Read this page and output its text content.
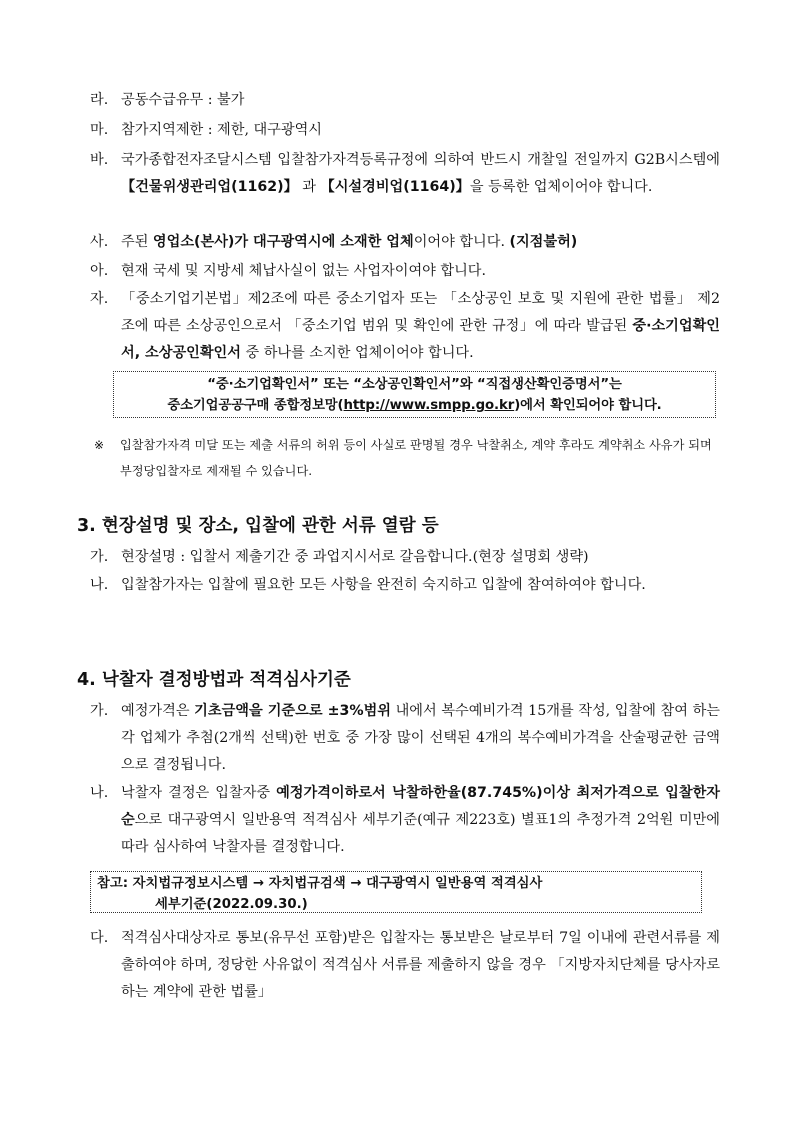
라. 공동수급유무 : 불가
마. 참가지역제한 : 제한, 대구광역시
바. 국가종합전자조달시스템 입찰참가자격등록규정에 의하여 반드시 개찰일 전일까지 G2B시스템에 【건물위생관리업(1162)】 과 【시설경비업(1164)】을 등록한 업체이어야 합니다.
사. 주된 영업소(본사)가 대구광역시에 소재한 업체이어야 합니다. (지점불허)
아. 현재 국세 및 지방세 체납사실이 없는 사업자이여야 합니다.
자. 「중소기업기본법」제2조에 따른 중소기업자 또는 「소상공인 보호 및 지원에 관한 법률」 제2조에 따른 소상공인으로서 「중소기업 범위 및 확인에 관한 규정」에 따라 발급된 중·소기업확인서, 소상공인확인서 중 하나를 소지한 업체이어야 합니다.
“중·소기업확인서” 또는 “소상공인확인서”와 “직접생산확인증명서”는
중소기업공공구매 종합정보망(http://www.smpp.go.kr)에서 확인되어야 합니다.
※ 입찰참가자격 미달 또는 제출 서류의 허위 등이 사실로 판명될 경우 낙찰취소, 계약 후라도 계약취소 사유가 되며 부정당입찰자로 제재될 수 있습니다.
3. 현장설명 및 장소, 입찰에 관한 서류 열람 등
가. 현장설명 : 입찰서 제출기간 중 과업지시서로 갈음합니다.(현장 설명회 생략)
나. 입찰참가자는 입찰에 필요한 모든 사항을 완전히 숙지하고 입찰에 참여하여야 합니다.
4. 낙찰자 결정방법과 적격심사기준
가. 예정가격은 기초금액을 기준으로 ±3%범위 내에서 복수예비가격 15개를 작성, 입찰에 참여 하는 각 업체가 추첨(2개씩 선택)한 번호 중 가장 많이 선택된 4개의 복수예비가격을 산술평균한 금액으로 결정됩니다.
나. 낙찰자 결정은 입찰자중 예정가격이하로서 낙찰하한율(87.745%)이상 최저가격으로 입찰한자 순으로 대구광역시 일반용역 적격심사 세부기준(예규 제223호) 별표1의 추정가격 2억원 미만에 따라 심사하여 낙찰자를 결정합니다.
참고: 자치법규정보시스템 → 자치법규검색 → 대구광역시 일반용역 적격심사
세부기준(2022.09.30.)
다. 적격심사대상자로 통보(유무선 포함)받은 입찰자는 통보받은 날로부터 7일 이내에 관련서류를 제출하여야 하며, 정당한 사유없이 적격심사 서류를 제출하지 않을 경우 「지방자치단체를 당사자로 하는 계약에 관한 법률」
